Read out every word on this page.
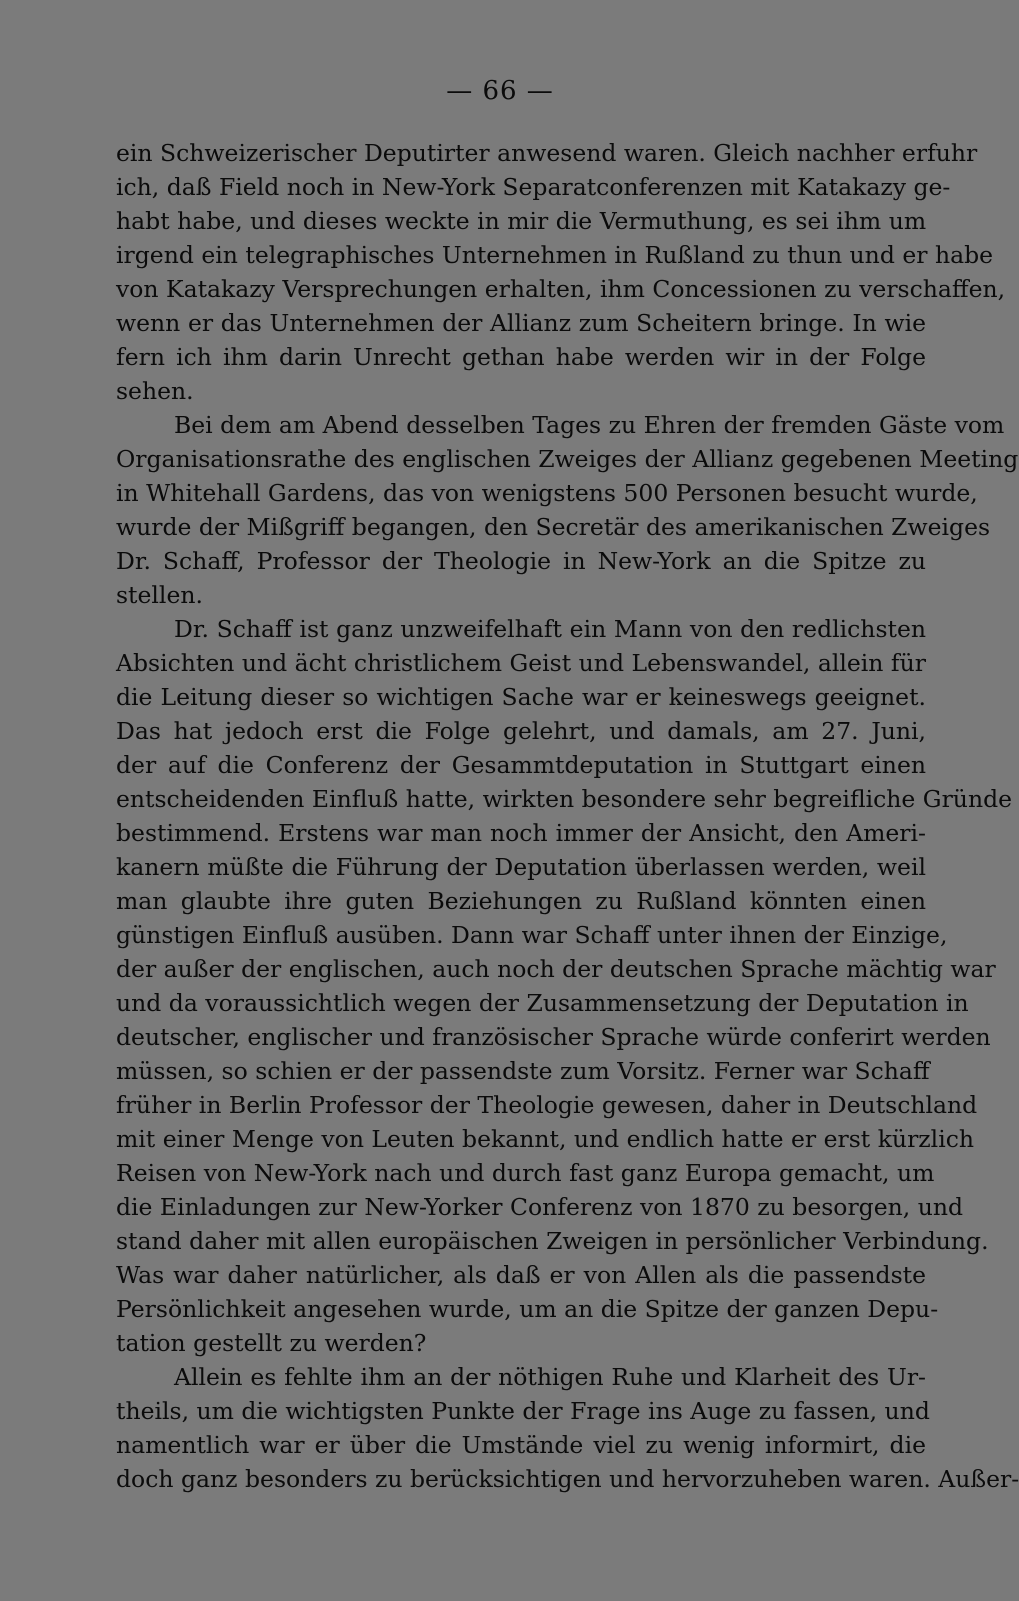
— 66 —
ein Schweizerischer Deputirter anwesend waren. Gleich nachher erfuhr
ich, daß Field noch in New-York Separatconferenzen mit Katakazy ge-
habt habe, und dieses weckte in mir die Vermuthung, es sei ihm um
irgend ein telegraphisches Unternehmen in Rußland zu thun und er habe
von Katakazy Versprechungen erhalten, ihm Concessionen zu verschaffen,
wenn er das Unternehmen der Allianz zum Scheitern bringe. In wie
fern ich ihm darin Unrecht gethan habe werden wir in der Folge
sehen.
Bei dem am Abend desselben Tages zu Ehren der fremden Gäste vom
Organisationsrathe des englischen Zweiges der Allianz gegebenen Meeting
in Whitehall Gardens, das von wenigstens 500 Personen besucht wurde,
wurde der Mißgriff begangen, den Secretär des amerikanischen Zweiges
Dr. Schaff, Professor der Theologie in New-York an die Spitze zu
stellen.
Dr. Schaff ist ganz unzweifelhaft ein Mann von den redlichsten
Absichten und ächt christlichem Geist und Lebenswandel, allein für
die Leitung dieser so wichtigen Sache war er keineswegs geeignet.
Das hat jedoch erst die Folge gelehrt, und damals, am 27. Juni,
der auf die Conferenz der Gesammtdeputation in Stuttgart einen
entscheidenden Einfluß hatte, wirkten besondere sehr begreifliche Gründe
bestimmend. Erstens war man noch immer der Ansicht, den Ameri-
kanern müßte die Führung der Deputation überlassen werden, weil
man glaubte ihre guten Beziehungen zu Rußland könnten einen
günstigen Einfluß ausüben. Dann war Schaff unter ihnen der Einzige,
der außer der englischen, auch noch der deutschen Sprache mächtig war
und da voraussichtlich wegen der Zusammensetzung der Deputation in
deutscher, englischer und französischer Sprache würde conferirt werden
müssen, so schien er der passendste zum Vorsitz. Ferner war Schaff
früher in Berlin Professor der Theologie gewesen, daher in Deutschland
mit einer Menge von Leuten bekannt, und endlich hatte er erst kürzlich
Reisen von New-York nach und durch fast ganz Europa gemacht, um
die Einladungen zur New-Yorker Conferenz von 1870 zu besorgen, und
stand daher mit allen europäischen Zweigen in persönlicher Verbindung.
Was war daher natürlicher, als daß er von Allen als die passendste
Persönlichkeit angesehen wurde, um an die Spitze der ganzen Depu-
tation gestellt zu werden?
Allein es fehlte ihm an der nöthigen Ruhe und Klarheit des Ur-
theils, um die wichtigsten Punkte der Frage ins Auge zu fassen, und
namentlich war er über die Umstände viel zu wenig informirt, die
doch ganz besonders zu berücksichtigen und hervorzuheben waren. Außer-
